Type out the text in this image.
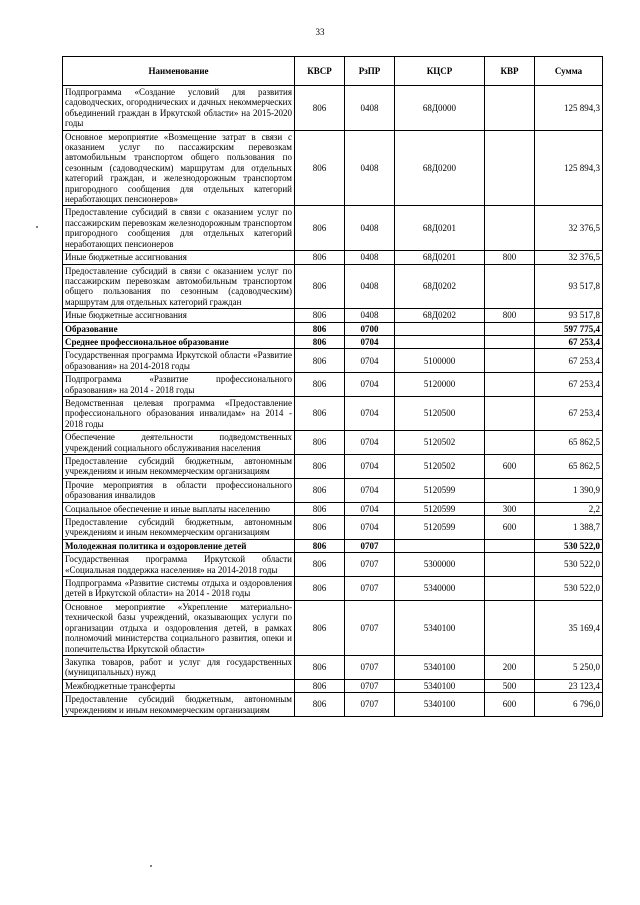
33
Наименование	КВСР	РзПР	КЦСР	КВР	Сумма
Подпрограмма «Создание условий для развития садоводческих, огороднических и дачных некоммерческих объединений граждан в Иркутской области» на 2015-2020 годы	806	0408	68Д0000		125 894,3
Основное мероприятие «Возмещение затрат в связи с оказанием услуг по пассажирским перевозкам автомобильным транспортом общего пользования по сезонным (садоводческим) маршрутам для отдельных категорий граждан, и железнодорожным транспортом пригородного сообщения для отдельных категорий неработающих пенсионеров»	806	0408	68Д0200		125 894,3
Предоставление субсидий в связи с оказанием услуг по пассажирским перевозкам железнодорожным транспортом пригородного сообщения для отдельных категорий неработающих пенсионеров	806	0408	68Д0201		32 376,5
Иные бюджетные ассигнования	806	0408	68Д0201	800	32 376,5
Предоставление субсидий в связи с оказанием услуг по пассажирским перевозкам автомобильным транспортом общего пользования по сезонным (садоводческим) маршрутам для отдельных категорий граждан	806	0408	68Д0202		93 517,8
Иные бюджетные ассигнования	806	0408	68Д0202	800	93 517,8
Образование	806	0700			597 775,4
Среднее профессиональное образование	806	0704			67 253,4
Государственная программа Иркутской области «Развитие образования» на 2014-2018 годы	806	0704	5100000		67 253,4
Подпрограмма «Развитие профессионального образования» на 2014 - 2018 годы	806	0704	5120000		67 253,4
Ведомственная целевая программа «Предоставление профессионального образования инвалидам» на 2014 - 2018 годы	806	0704	5120500		67 253,4
Обеспечение деятельности подведомственных учреждений социального обслуживания населения	806	0704	5120502		65 862,5
Предоставление субсидий бюджетным, автономным учреждениям и иным некоммерческим организациям	806	0704	5120502	600	65 862,5
Прочие мероприятия в области профессионального образования инвалидов	806	0704	5120599		1 390,9
Социальное обеспечение и иные выплаты населению	806	0704	5120599	300	2,2
Предоставление субсидий бюджетным, автономным учреждениям и иным некоммерческим организациям	806	0704	5120599	600	1 388,7
Молодежная политика и оздоровление детей	806	0707			530 522,0
Государственная программа Иркутской области «Социальная поддержка населения» на 2014-2018 годы	806	0707	5300000		530 522,0
Подпрограмма «Развитие системы отдыха и оздоровления детей в Иркутской области» на 2014 - 2018 годы	806	0707	5340000		530 522,0
Основное мероприятие «Укрепление материально-технической базы учреждений, оказывающих услуги по организации отдыха и оздоровления детей, в рамках полномочий министерства социального развития, опеки и попечительства Иркутской области»	806	0707	5340100		35 169,4
Закупка товаров, работ и услуг для государственных (муниципальных) нужд	806	0707	5340100	200	5 250,0
Межбюджетные трансферты	806	0707	5340100	500	23 123,4
Предоставление субсидий бюджетным, автономным учреждениям и иным некоммерческим организациям	806	0707	5340100	600	6 796,0
